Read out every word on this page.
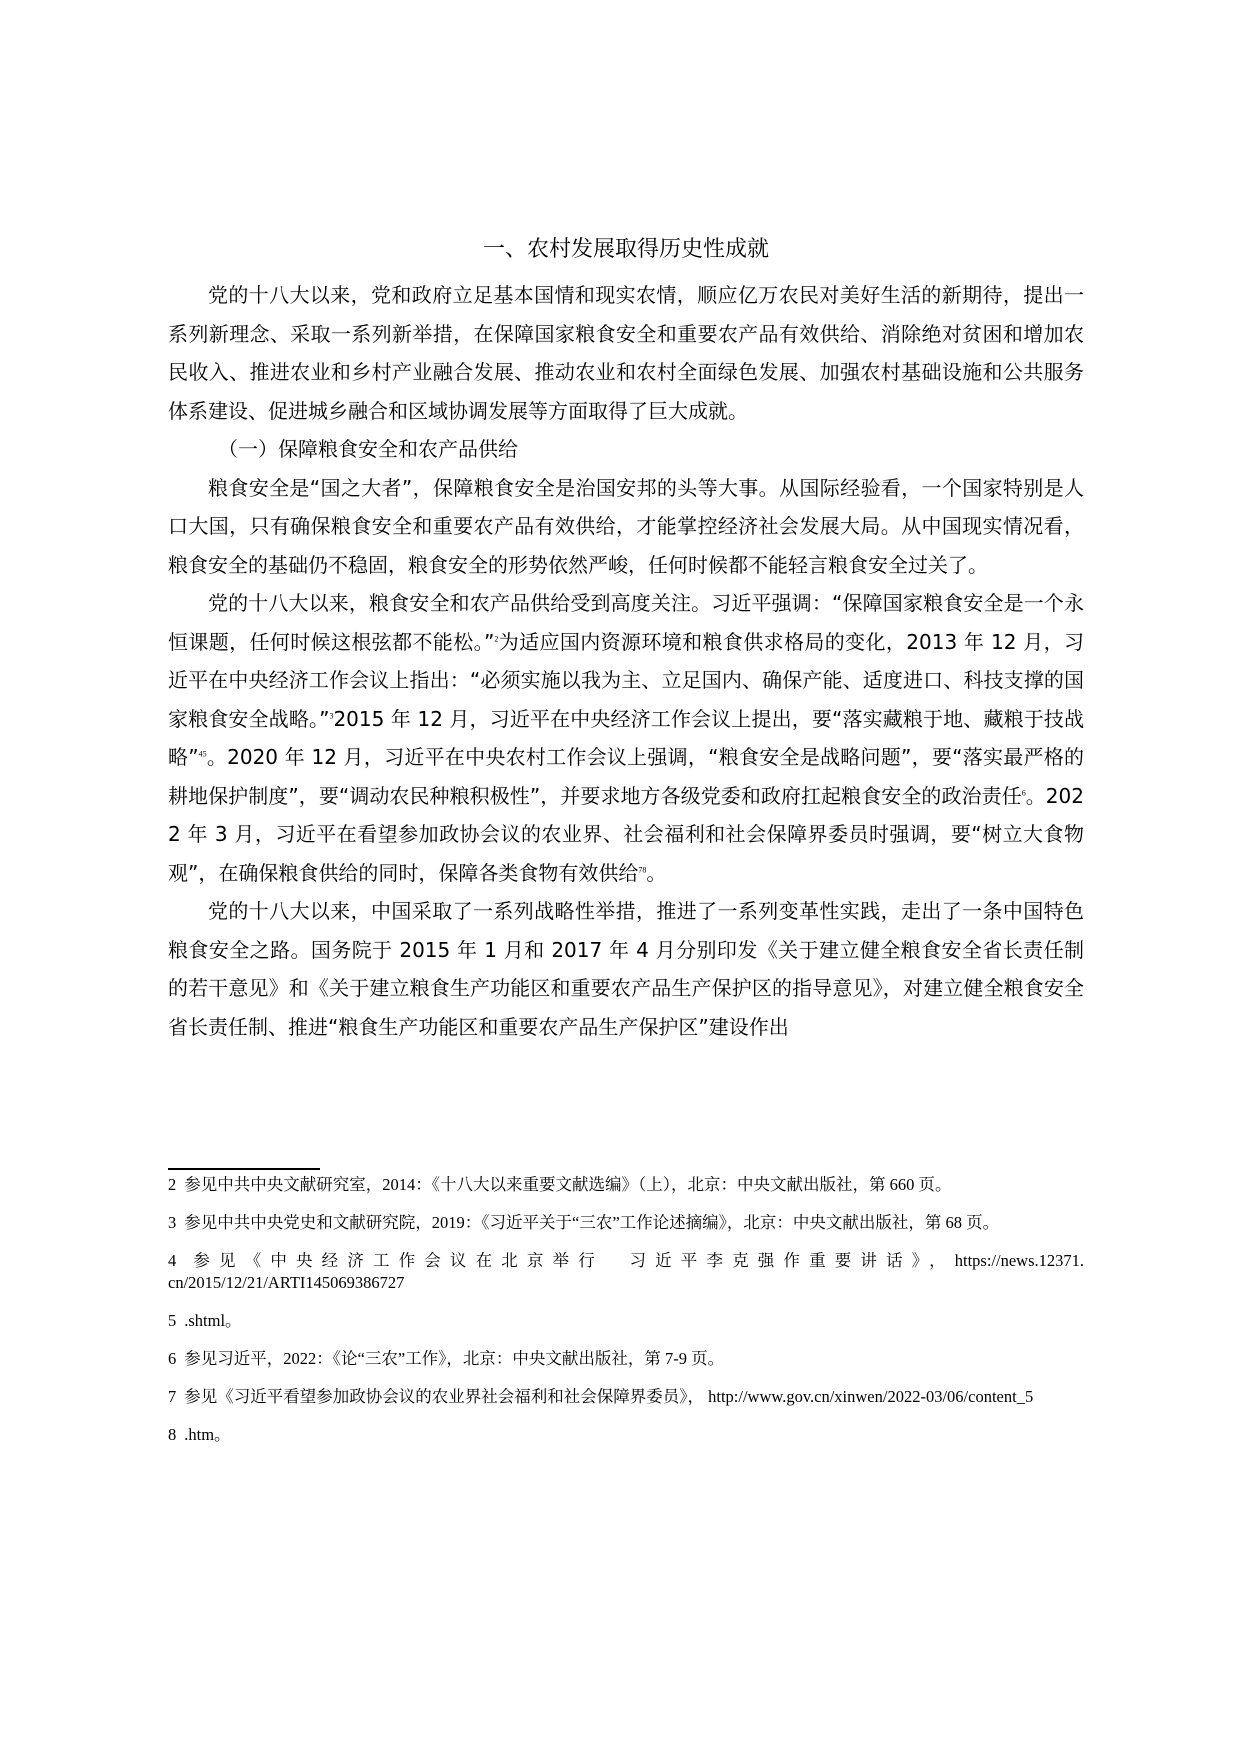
一、农村发展取得历史性成就

党的十八大以来，党和政府立足基本国情和现实农情，顺应亿万农民对美好生活的新期待，提出一系列新理念、采取一系列新举措，在保障国家粮食安全和重要农产品有效供给、消除绝对贫困和增加农民收入、推进农业和乡村产业融合发展、推动农业和农村全面绿色发展、加强农村基础设施和公共服务体系建设、促进城乡融合和区域协调发展等方面取得了巨大成就。

（一）保障粮食安全和农产品供给

粮食安全是“国之大者”，保障粮食安全是治国安邦的头等大事。从国际经验看，一个国家特别是人口大国，只有确保粮食安全和重要农产品有效供给，才能掌控经济社会发展大局。从中国现实情况看，粮食安全的基础仍不稳固，粮食安全的形势依然严峻，任何时候都不能轻言粮食安全过关了。

党的十八大以来，粮食安全和农产品供给受到高度关注。习近平强调：“保障国家粮食安全是一个永恒课题，任何时候这根弦都不能松。”$^2$为适应国内资源环境和粮食供求格局的变化，2013 年 12 月，习近平在中央经济工作会议上指出：“必须实施以我为主、立足国内、确保产能、适度进口、科技支撑的国家粮食安全战略。”$^3$2015 年 12 月，习近平在中央经济工作会议上提出，要“落实藏粮于地、藏粮于技战略”$^{45}$。2020 年 12 月，习近平在中央农村工作会议上强调，“粮食安全是战略问题”，要“落实最严格的耕地保护制度”，要“调动农民种粮积极性”，并要求地方各级党委和政府扛起粮食安全的政治责任$^6$。2022 年 3 月，习近平在看望参加政协会议的农业界、社会福利和社会保障界委员时强调，要“树立大食物观”，在确保粮食供给的同时，保障各类食物有效供给$^{78}$。

党的十八大以来，中国采取了一系列战略性举措，推进了一系列变革性实践，走出了一条中国特色粮食安全之路。国务院于 2015 年 1 月和 2017 年 4 月分别印发《关于建立健全粮食安全省长责任制的若干意见》和《关于建立粮食生产功能区和重要农产品生产保护区的指导意见》，对建立健全粮食安全省长责任制、推进“粮食生产功能区和重要农产品生产保护区”建设作出

2 参见中共中央文献研究室，2014：《十八大以来重要文献选编》（上），北京：中央文献出版社，第 660 页。

3 参见中共中央党史和文献研究院，2019：《习近平关于“三农”工作论述摘编》，北京：中央文献出版社，第 68 页。

4 参见《中央经济工作会议在北京举行　习近平李克强作重要讲话》，https://news.12371.cn/2015/12/21/ARTI145069386727

5 .shtml。

6 参见习近平，2022：《论“三农”工作》，北京：中央文献出版社，第 7-9 页。

7 参见《习近平看望参加政协会议的农业界社会福利和社会保障界委员》， http://www.gov.cn/xinwen/2022-03/06/content_5

8 .htm。
